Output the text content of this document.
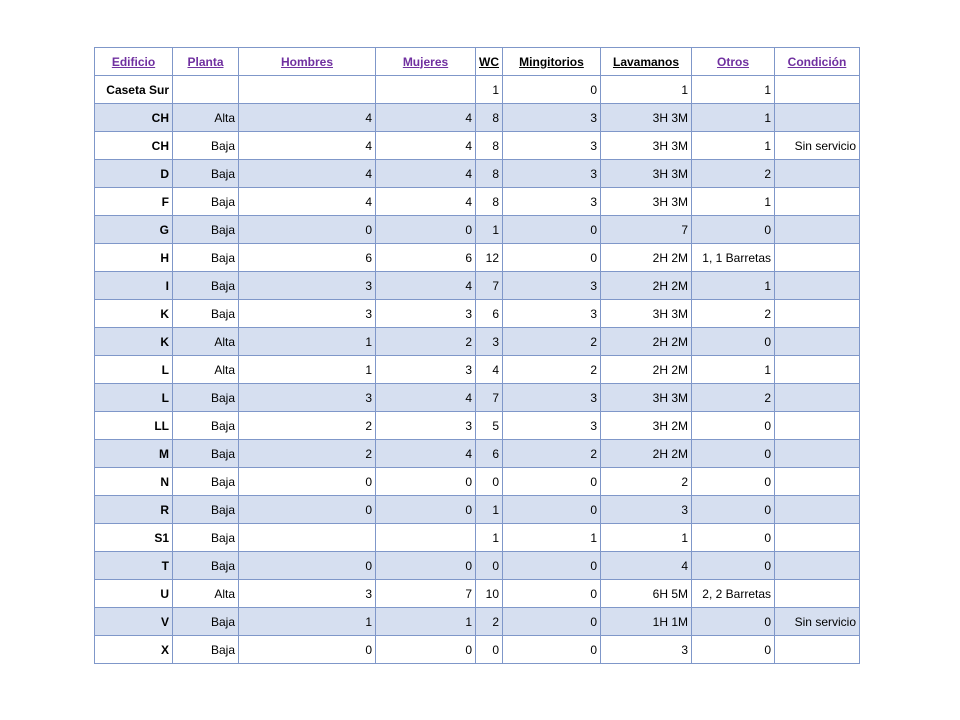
Edificio	Planta	Hombres	Mujeres	WC	Mingitorios	Lavamanos	Otros	Condición
Caseta Sur				1	0	1	1	
CH	Alta	4	4	8	3	3H 3M	1	
CH	Baja	4	4	8	3	3H 3M	1	Sin servicio
D	Baja	4	4	8	3	3H 3M	2	
F	Baja	4	4	8	3	3H 3M	1	
G	Baja	0	0	1	0	7	0	
H	Baja	6	6	12	0	2H 2M	1, 1 Barretas	
I	Baja	3	4	7	3	2H 2M	1	
K	Baja	3	3	6	3	3H 3M	2	
K	Alta	1	2	3	2	2H 2M	0	
L	Alta	1	3	4	2	2H 2M	1	
L	Baja	3	4	7	3	3H 3M	2	
LL	Baja	2	3	5	3	3H 2M	0	
M	Baja	2	4	6	2	2H 2M	0	
N	Baja	0	0	0	0	2	0	
R	Baja	0	0	1	0	3	0	
S1	Baja			1	1	1	0	
T	Baja	0	0	0	0	4	0	
U	Alta	3	7	10	0	6H 5M	2, 2 Barretas	
V	Baja	1	1	2	0	1H 1M	0	Sin servicio
X	Baja	0	0	0	0	3	0	
